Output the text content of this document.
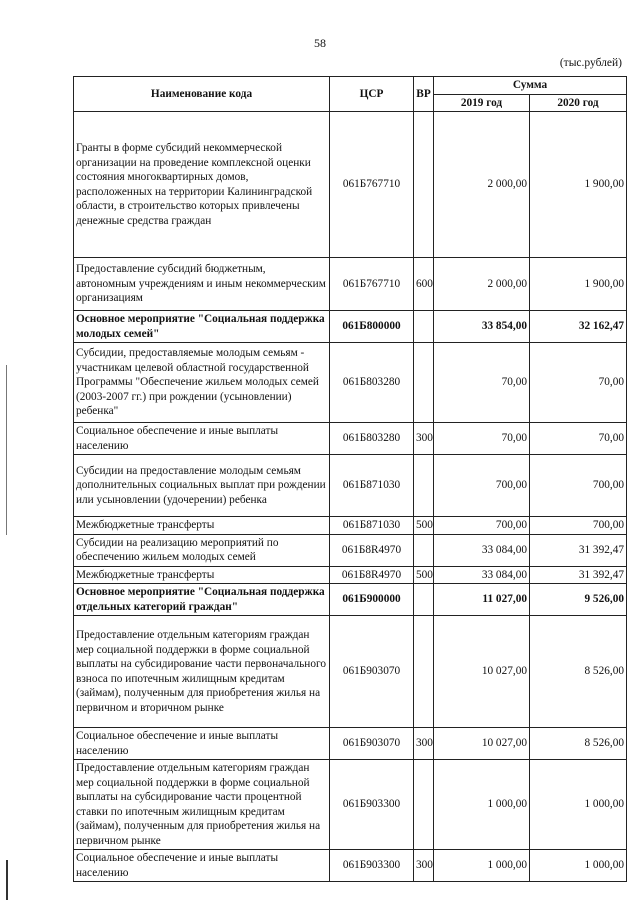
58
(тыс.рублей)
Наименование кода	ЦСР	ВР	Сумма	
			2019 год	2020 год
Гранты в форме субсидий некоммерческой организации на проведение комплексной оценки состояния многоквартирных домов, расположенных на территории Калининградской области, в строительство которых привлечены денежные средства граждан	061Б767710		2 000,00	1 900,00
Предоставление субсидий бюджетным, автономным учреждениям и иным некоммерческим организациям	061Б767710	600	2 000,00	1 900,00
Основное мероприятие "Социальная поддержка молодых семей"	061Б800000		33 854,00	32 162,47
Субсидии, предоставляемые молодым семьям - участникам целевой областной государственной Программы "Обеспечение жильем молодых семей (2003-2007 гг.) при рождении (усыновлении) ребенка"	061Б803280		70,00	70,00
Социальное обеспечение и иные выплаты населению	061Б803280	300	70,00	70,00
Субсидии на предоставление молодым семьям дополнительных социальных выплат при рождении или усыновлении (удочерении) ребенка	061Б871030		700,00	700,00
Межбюджетные трансферты	061Б871030	500	700,00	700,00
Субсидии на реализацию мероприятий по обеспечению жильем молодых семей	061Б8R4970		33 084,00	31 392,47
Межбюджетные трансферты	061Б8R4970	500	33 084,00	31 392,47
Основное мероприятие "Социальная поддержка отдельных категорий граждан"	061Б900000		11 027,00	9 526,00
Предоставление отдельным категориям граждан мер социальной поддержки в форме социальной выплаты на субсидирование части первоначального взноса по ипотечным жилищным кредитам (займам), полученным для приобретения жилья на первичном и вторичном рынке	061Б903070		10 027,00	8 526,00
Социальное обеспечение и иные выплаты населению	061Б903070	300	10 027,00	8 526,00
Предоставление отдельным категориям граждан мер социальной поддержки в форме социальной выплаты на субсидирование части процентной ставки по ипотечным жилищным кредитам (займам), полученным для приобретения жилья на первичном рынке	061Б903300		1 000,00	1 000,00
Социальное обеспечение и иные выплаты населению	061Б903300	300	1 000,00	1 000,00
